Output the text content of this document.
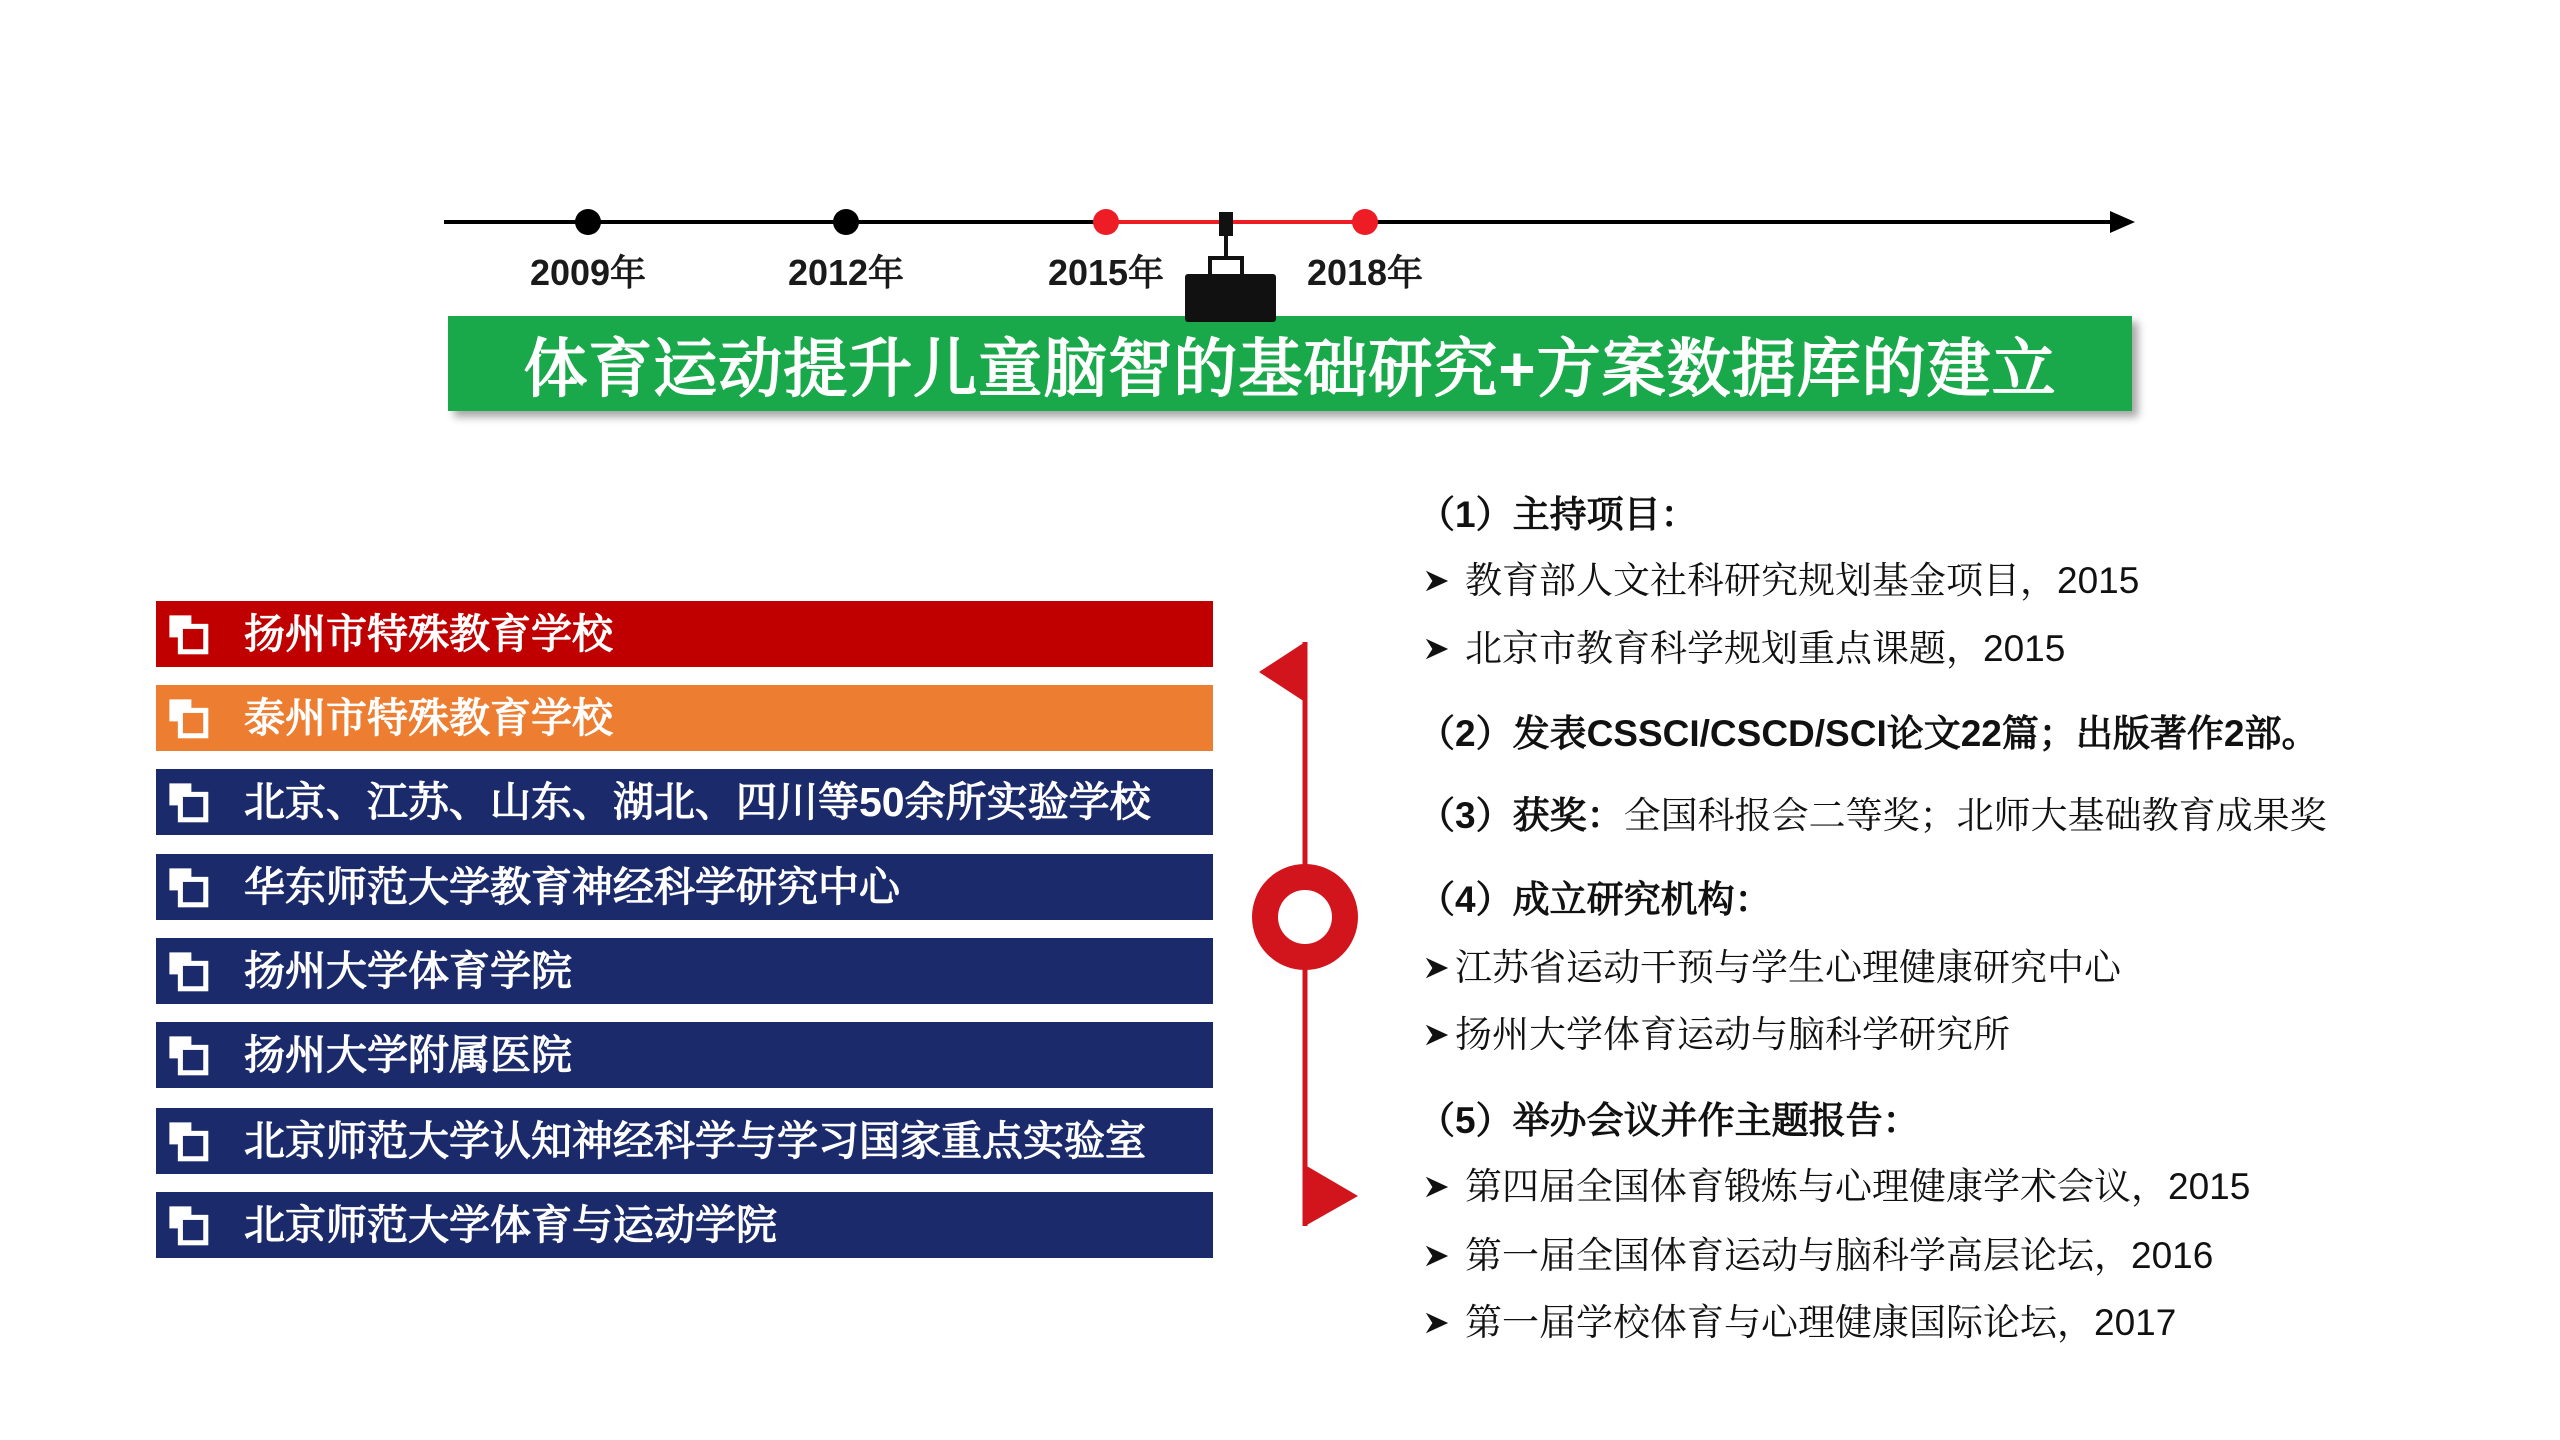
2009年	2012年	2015年	2018年
体育运动提升儿童脑智的基础研究+方案数据库的建立
扬州市特殊教育学校
泰州市特殊教育学校
北京、江苏、山东、湖北、四川等50余所实验学校
华东师范大学教育神经科学研究中心
扬州大学体育学院
扬州大学附属医院
北京师范大学认知神经科学与学习国家重点实验室
北京师范大学体育与运动学院
（1）主持项目：
教育部人文社科研究规划基金项目，2015
北京市教育科学规划重点课题，2015
（2）发表CSSCI/CSCD/SCI论文22篇；出版著作2部。
（3）获奖：全国科报会二等奖；北师大基础教育成果奖
（4）成立研究机构：
江苏省运动干预与学生心理健康研究中心
扬州大学体育运动与脑科学研究所
（5）举办会议并作主题报告：
第四届全国体育锻炼与心理健康学术会议，2015
第一届全国体育运动与脑科学高层论坛，2016
第一届学校体育与心理健康国际论坛，2017
